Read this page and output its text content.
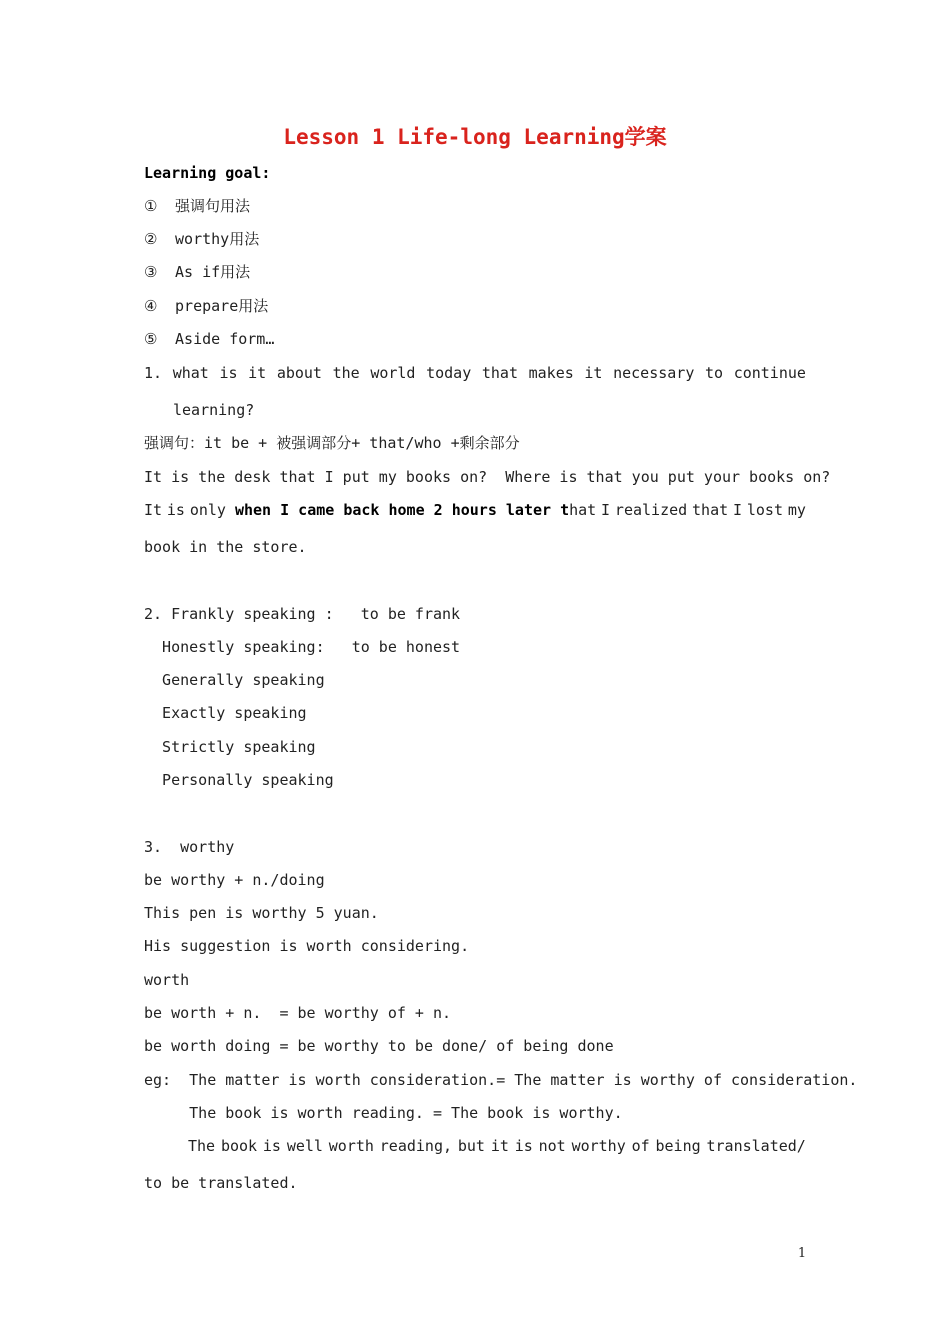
Lesson 1 Life-long Learning学案
Learning goal:
① 强调句用法
② worthy用法
③ As if用法
④ prepare用法
⑤ Aside form…
1. what is it about the world today that makes it necessary to continue
learning?
强调句：it be + 被强调部分+ that/who +剩余部分
It is the desk that I put my books on?  Where is that you put your books on?
It is only when I came back home 2 hours later that I realized that I lost my
book in the store.
2. Frankly speaking :   to be frank
Honestly speaking:   to be honest
Generally speaking
Exactly speaking
Strictly speaking
Personally speaking
3.  worthy
be worthy + n./doing
This pen is worthy 5 yuan.
His suggestion is worth considering.
worth
be worth + n.  = be worthy of + n.
be worth doing = be worthy to be done/ of being done
eg:  The matter is worth consideration.= The matter is worthy of consideration.
The book is worth reading. = The book is worthy.
The book is well worth reading, but it is not worthy of being translated/
to be translated.
1
